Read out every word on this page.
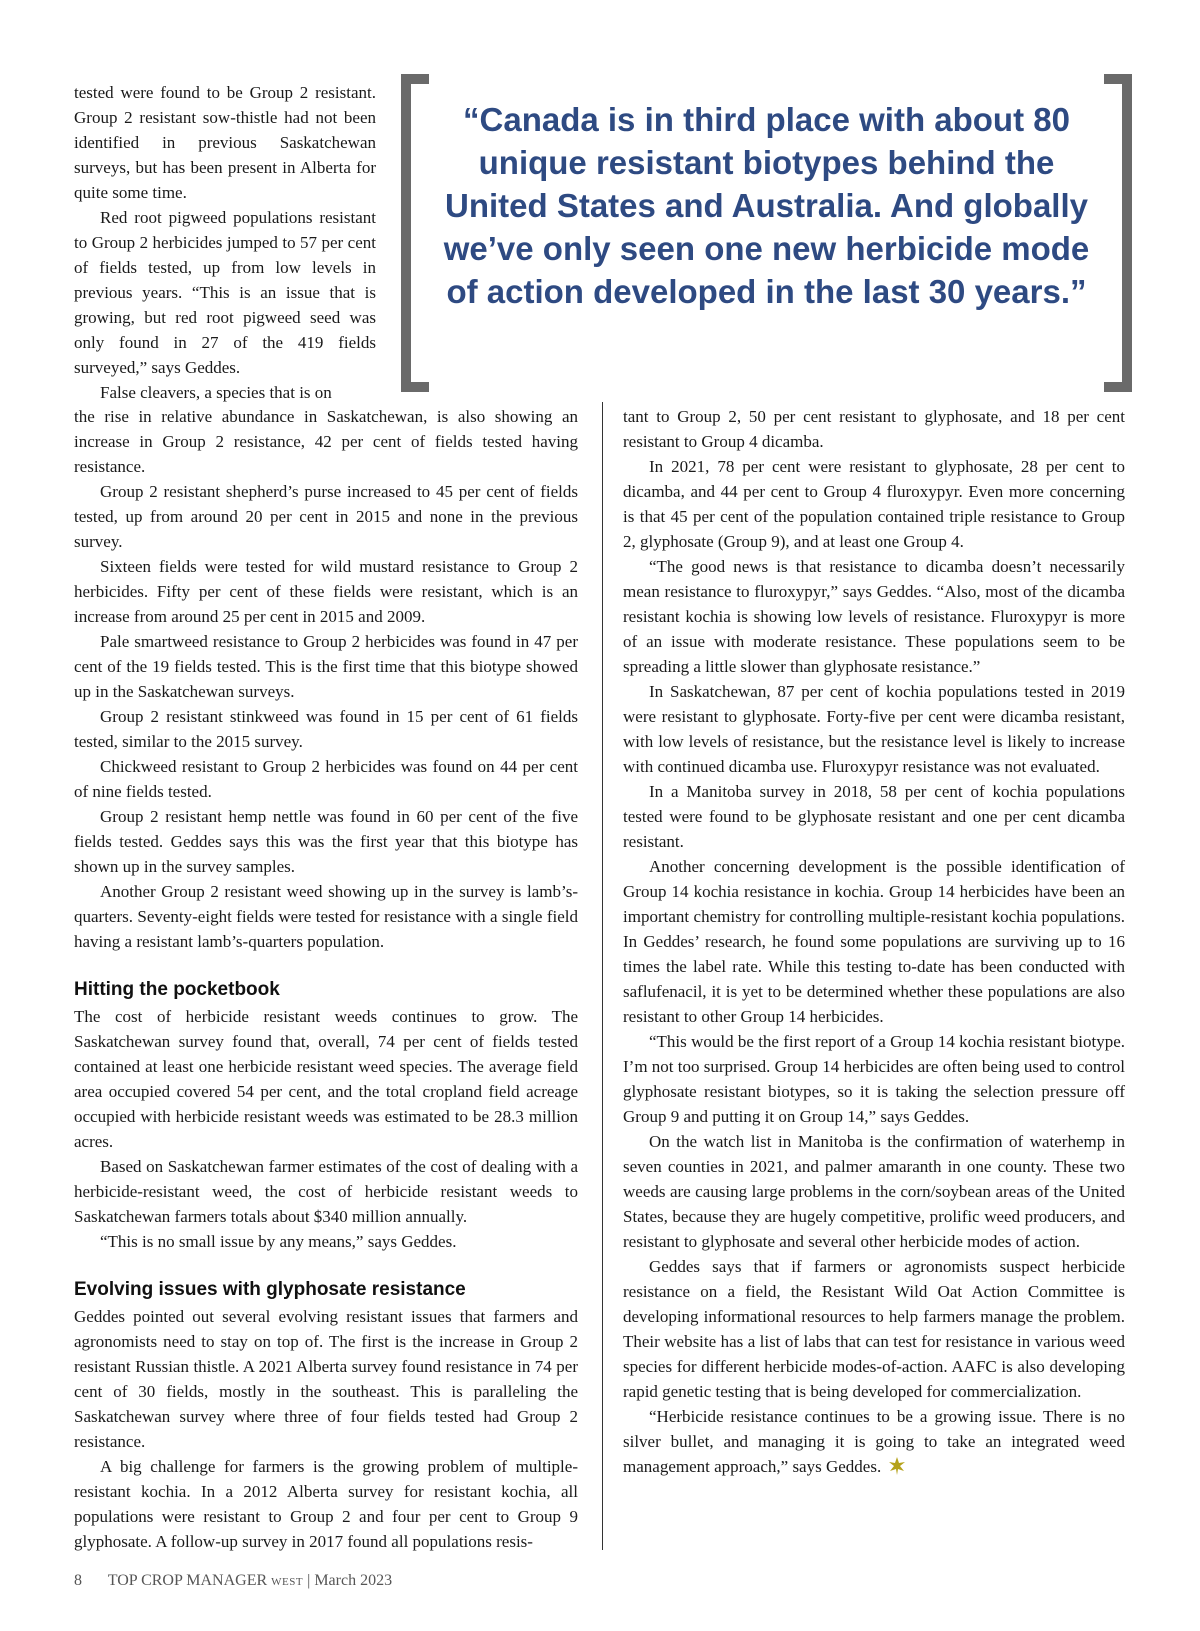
tested were found to be Group 2 resistant. Group 2 resistant sow-thistle had not been identified in previous Saskatchewan surveys, but has been present in Alberta for quite some time.

Red root pigweed populations resistant to Group 2 herbicides jumped to 57 per cent of fields tested, up from low levels in previous years. “This is an issue that is growing, but red root pigweed seed was only found in 27 of the 419 fields surveyed,” says Geddes.

False cleavers, a species that is on

“Canada is in third place with about 80 unique resistant biotypes behind the United States and Australia. And globally we’ve only seen one new herbicide mode of action developed in the last 30 years.”

the rise in relative abundance in Saskatchewan, is also showing an increase in Group 2 resistance, 42 per cent of fields tested having resistance.

Group 2 resistant shepherd’s purse increased to 45 per cent of fields tested, up from around 20 per cent in 2015 and none in the previous survey.

Sixteen fields were tested for wild mustard resistance to Group 2 herbicides. Fifty per cent of these fields were resistant, which is an increase from around 25 per cent in 2015 and 2009.

Pale smartweed resistance to Group 2 herbicides was found in 47 per cent of the 19 fields tested. This is the first time that this biotype showed up in the Saskatchewan surveys.

Group 2 resistant stinkweed was found in 15 per cent of 61 fields tested, similar to the 2015 survey.

Chickweed resistant to Group 2 herbicides was found on 44 per cent of nine fields tested.

Group 2 resistant hemp nettle was found in 60 per cent of the five fields tested. Geddes says this was the first year that this biotype has shown up in the survey samples.

Another Group 2 resistant weed showing up in the survey is lamb’s-quarters. Seventy-eight fields were tested for resistance with a single field having a resistant lamb’s-quarters population.

Hitting the pocketbook

The cost of herbicide resistant weeds continues to grow. The Saskatchewan survey found that, overall, 74 per cent of fields tested contained at least one herbicide resistant weed species. The average field area occupied covered 54 per cent, and the total cropland field acreage occupied with herbicide resistant weeds was estimated to be 28.3 million acres.

Based on Saskatchewan farmer estimates of the cost of dealing with a herbicide-resistant weed, the cost of herbicide resistant weeds to Saskatchewan farmers totals about $340 million annually.

“This is no small issue by any means,” says Geddes.

Evolving issues with glyphosate resistance

Geddes pointed out several evolving resistant issues that farmers and agronomists need to stay on top of. The first is the increase in Group 2 resistant Russian thistle. A 2021 Alberta survey found resistance in 74 per cent of 30 fields, mostly in the southeast. This is paralleling the Saskatchewan survey where three of four fields tested had Group 2 resistance.

A big challenge for farmers is the growing problem of multiple-resistant kochia. In a 2012 Alberta survey for resistant kochia, all populations were resistant to Group 2 and four per cent to Group 9 glyphosate. A follow-up survey in 2017 found all populations resis-

tant to Group 2, 50 per cent resistant to glyphosate, and 18 per cent resistant to Group 4 dicamba.

In 2021, 78 per cent were resistant to glyphosate, 28 per cent to dicamba, and 44 per cent to Group 4 fluroxypyr. Even more concerning is that 45 per cent of the population contained triple resistance to Group 2, glyphosate (Group 9), and at least one Group 4.

“The good news is that resistance to dicamba doesn’t necessarily mean resistance to fluroxypyr,” says Geddes. “Also, most of the dicamba resistant kochia is showing low levels of resistance. Fluroxypyr is more of an issue with moderate resistance. These populations seem to be spreading a little slower than glyphosate resistance.”

In Saskatchewan, 87 per cent of kochia populations tested in 2019 were resistant to glyphosate. Forty-five per cent were dicamba resistant, with low levels of resistance, but the resistance level is likely to increase with continued dicamba use. Fluroxypyr resistance was not evaluated.

In a Manitoba survey in 2018, 58 per cent of kochia populations tested were found to be glyphosate resistant and one per cent dicamba resistant.

Another concerning development is the possible identification of Group 14 kochia resistance in kochia. Group 14 herbicides have been an important chemistry for controlling multiple-resistant kochia populations. In Geddes’ research, he found some populations are surviving up to 16 times the label rate. While this testing to-date has been conducted with saflufenacil, it is yet to be determined whether these populations are also resistant to other Group 14 herbicides.

“This would be the first report of a Group 14 kochia resistant biotype. I’m not too surprised. Group 14 herbicides are often being used to control glyphosate resistant biotypes, so it is taking the selection pressure off Group 9 and putting it on Group 14,” says Geddes.

On the watch list in Manitoba is the confirmation of waterhemp in seven counties in 2021, and palmer amaranth in one county. These two weeds are causing large problems in the corn/soybean areas of the United States, because they are hugely competitive, prolific weed producers, and resistant to glyphosate and several other herbicide modes of action.

Geddes says that if farmers or agronomists suspect herbicide resistance on a field, the Resistant Wild Oat Action Committee is developing informational resources to help farmers manage the problem. Their website has a list of labs that can test for resistance in various weed species for different herbicide modes-of-action. AAFC is also developing rapid genetic testing that is being developed for commercialization.

“Herbicide resistance continues to be a growing issue. There is no silver bullet, and managing it is going to take an integrated weed management approach,” says Geddes.

8 TOP CROP MANAGER WEST | March 2023
